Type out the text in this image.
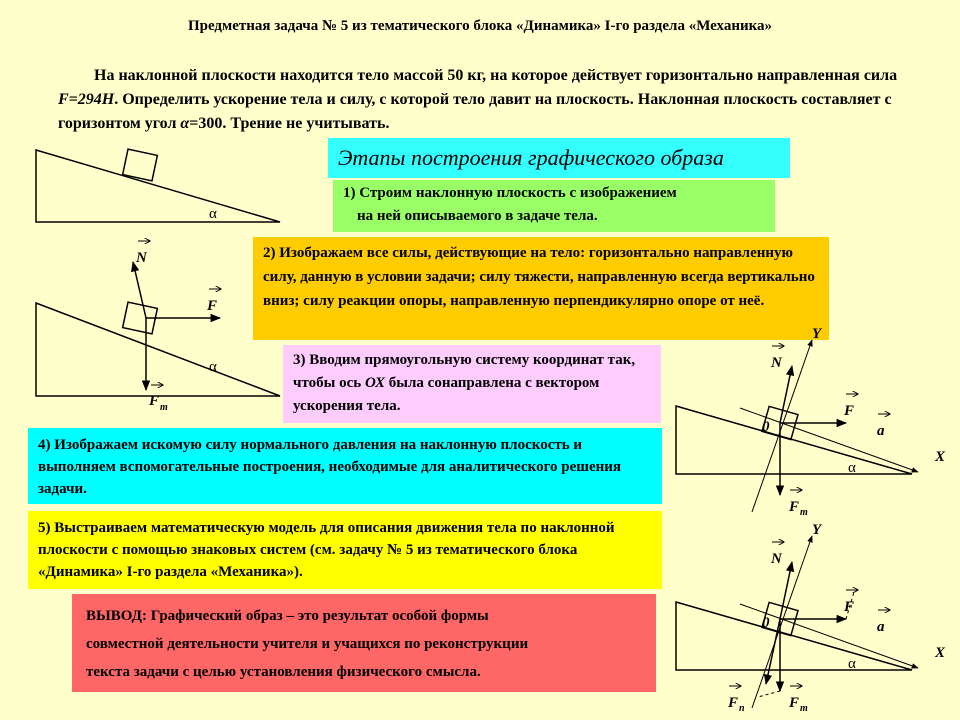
Предметная задача № 5 из тематического блока «Динамика» I-го раздела «Механика»
На наклонной плоскости находится тело массой 50 кг, на которое действует горизонтально направленная сила F=294Н. Определить ускорение тела и силу, с которой тело давит на плоскость. Наклонная плоскость составляет с горизонтом угол α=300. Трение не учитывать.
Этапы построения графического образа
1) Строим наклонную плоскость с изображением
на ней описываемого в задаче тела.
2) Изображаем все силы, действующие на тело: горизонтально направленную силу, данную в условии задачи; силу тяжести, направленную всегда вертикально вниз; силу реакции опоры, направленную перпендикулярно опоре от неё.
3) Вводим прямоугольную систему координат так, чтобы ось ОХ была сонаправлена с вектором ускорения тела.
4) Изображаем искомую силу нормального давления на наклонную плоскость и выполняем вспомогательные построения, необходимые для аналитического решения задачи.
5) Выстраиваем математическую модель для описания движения тела по наклонной плоскости с помощью знаковых систем (см. задачу № 5 из тематического блока «Динамика» I-го раздела «Механика»).
ВЫВОД: Графический образ – это результат особой формы
совместной деятельности учителя и учащихся по реконструкции
текста задачи с целью установления физического смысла.
α
N
F
F т
α
Y
N
F
a
X
0
F т
α
Y
N
F
a
X
0
F п	F т
α
